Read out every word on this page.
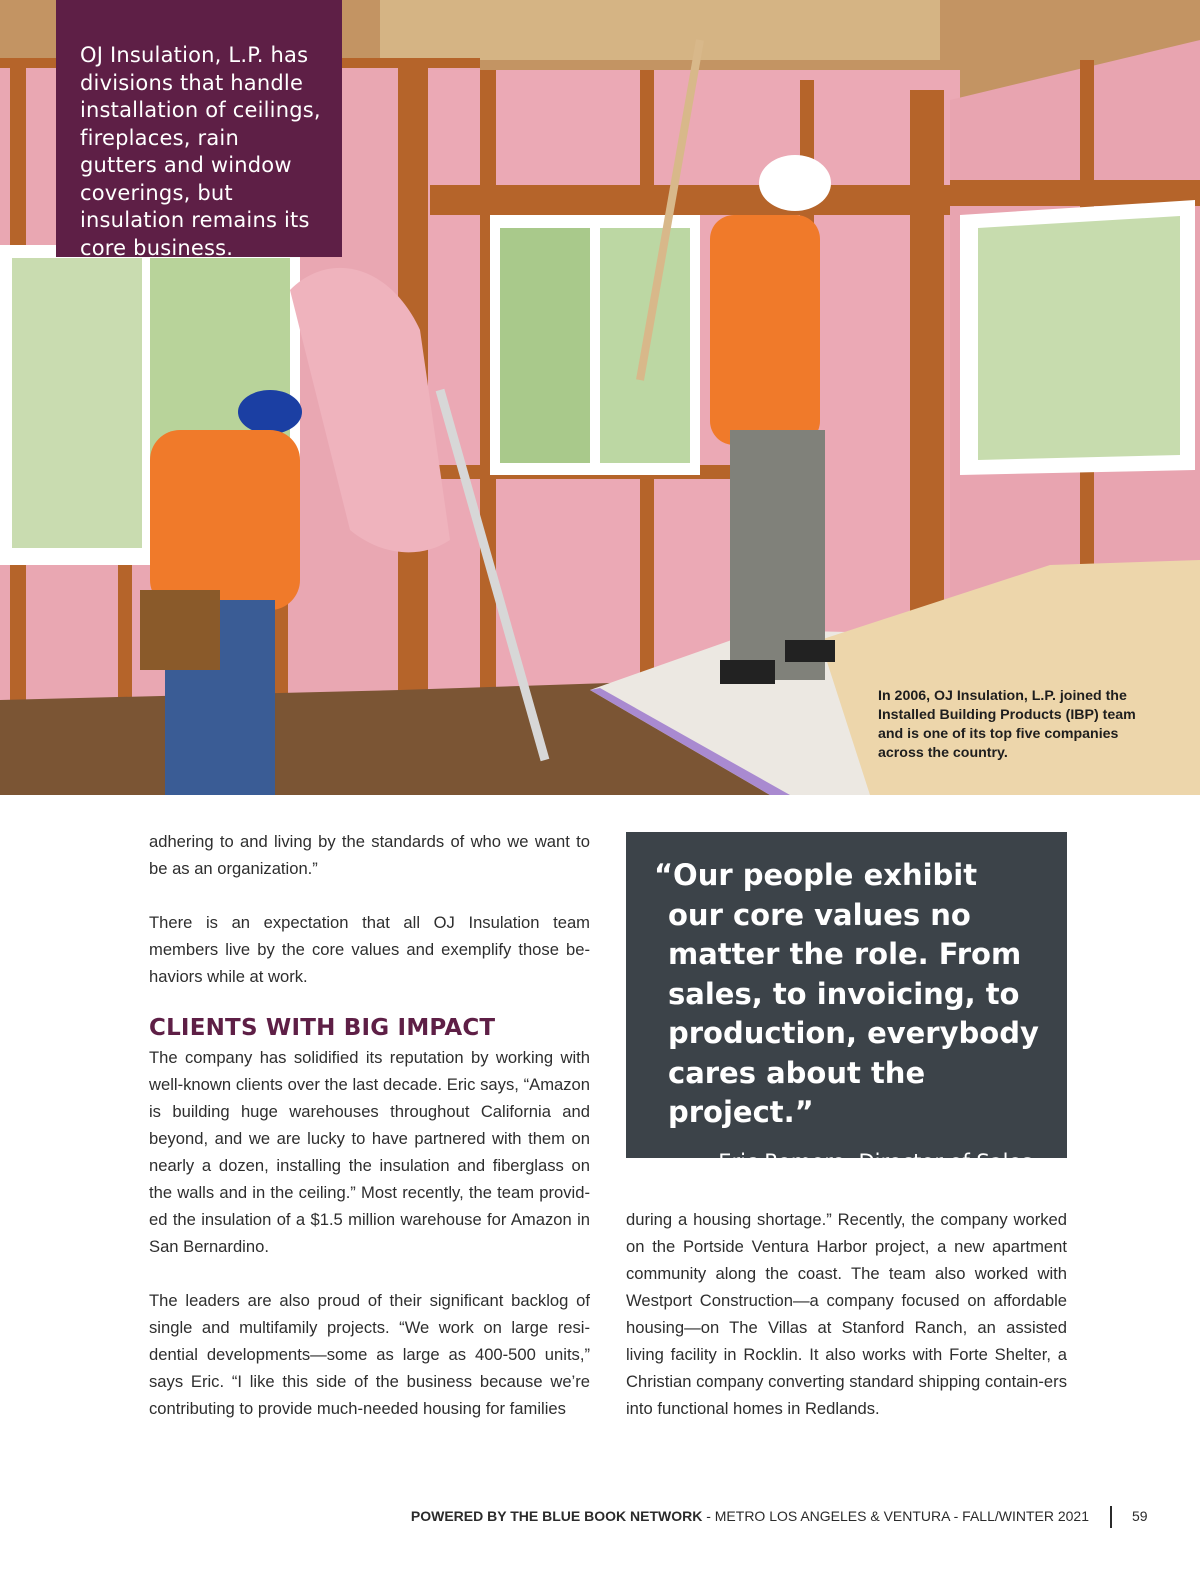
OJ Insulation, L.P. has divisions that handle installation of ceilings, fireplaces, rain gutters and window coverings, but insulation remains its core business.

In 2006, OJ Insulation, L.P. joined the Installed Building Products (IBP) team and is one of its top five companies across the country.

adhering to and living by the standards of who we want to be as an organization.”

There is an expectation that all OJ Insulation team members live by the core values and exemplify those be-haviors while at work.

CLIENTS WITH BIG IMPACT

The company has solidified its reputation by working with well-known clients over the last decade. Eric says, “Amazon is building huge warehouses throughout California and beyond, and we are lucky to have partnered with them on nearly a dozen, installing the insulation and fiberglass on the walls and in the ceiling.” Most recently, the team provid-ed the insulation of a $1.5 million warehouse for Amazon in San Bernardino.

The leaders are also proud of their significant backlog of single and multifamily projects. “We work on large resi-dential developments—some as large as 400-500 units,” says Eric. “I like this side of the business because we’re contributing to provide much-needed housing for families

“Our people exhibit our core values no matter the role. From sales, to invoicing, to production, everybody cares about the project.”

Eric Romero, Director of Sales,
OJ Insulation, L.P.

during a housing shortage.” Recently, the company worked on the Portside Ventura Harbor project, a new apartment community along the coast. The team also worked with Westport Construction—a company focused on affordable housing—on The Villas at Stanford Ranch, an assisted living facility in Rocklin. It also works with Forte Shelter, a Christian company converting standard shipping contain-ers into functional homes in Redlands.

POWERED BY THE BLUE BOOK NETWORK - METRO LOS ANGELES & VENTURA - FALL/WINTER 2021	59
